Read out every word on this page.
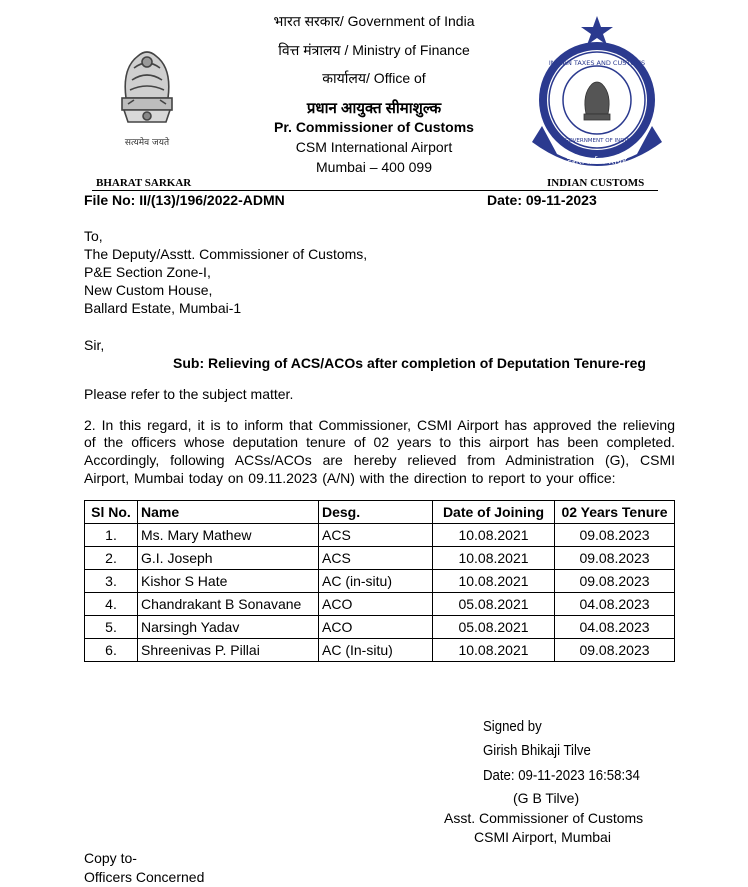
सत्यमेव जयते
INDIAN TAXES AND CUSTOMS
GOVERNMENT OF INDIA
देशसेवार्थ करसंग्रह
भारत सरकार/ Government of India
वित्त मंत्रालय / Ministry of Finance
कार्यालय/ Office of
प्रधान आयुक्त सीमाशुल्क
Pr. Commissioner of Customs
CSM International Airport
Mumbai – 400 099
BHARAT SARKAR	INDIAN CUSTOMS
File No: II/(13)/196/2022-ADMN	Date: 09-11-2023
To,
The Deputy/Asstt. Commissioner of Customs,
P&E Section Zone-I,
New Custom House,
Ballard Estate, Mumbai-1
Sir,
Sub: Relieving of ACS/ACOs after completion of Deputation Tenure-reg
Please refer to the subject matter.
2. In this regard, it is to inform that Commissioner, CSMI Airport has approved the relieving
of the officers whose deputation tenure of 02 years to this airport has been completed.
Accordingly, following ACSs/ACOs are hereby relieved from Administration (G), CSMI
Airport, Mumbai today on 09.11.2023 (A/N) with the direction to report to your office:
Sl No.	Name	Desg.	Date of Joining	02 Years Tenure
1.	Ms. Mary Mathew	ACS	10.08.2021	09.08.2023
2.	G.I. Joseph	ACS	10.08.2021	09.08.2023
3.	Kishor S Hate	AC (in-situ)	10.08.2021	09.08.2023
4.	Chandrakant B Sonavane	ACO	05.08.2021	04.08.2023
5.	Narsingh Yadav	ACO	05.08.2021	04.08.2023
6.	Shreenivas P. Pillai	AC (In-situ)	10.08.2021	09.08.2023
Signed by
Girish Bhikaji Tilve
Date: 09-11-2023 16:58:34
(G B Tilve)
Asst. Commissioner of Customs
CSMI Airport, Mumbai
Copy to-
Officers Concerned
